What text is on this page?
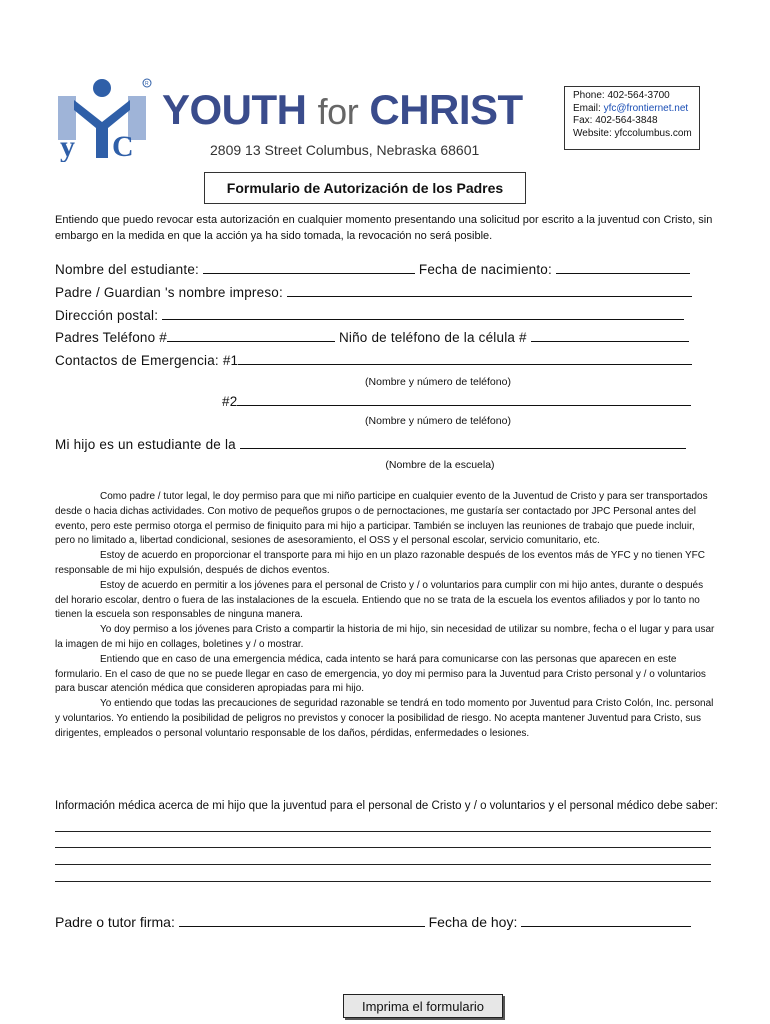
y C
R
YOUTH for CHRIST
2809 13 Street Columbus, Nebraska 68601
Phone: 402-564-3700
Email: yfc@frontiernet.net
Fax: 402-564-3848
Website: yfccolumbus.com
Formulario de Autorización de los Padres
Entiendo que puedo revocar esta autorización en cualquier momento presentando una solicitud por escrito a la juventud con Cristo, sin embargo en la medida en que la acción ya ha sido tomada, la revocación no será posible.
Nombre del estudiante:	Fecha de nacimiento:
Padre / Guardian 's nombre impreso:
Dirección postal:
Padres Teléfono #	Niño de teléfono de la célula #
Contactos de Emergencia: #1
(Nombre y número de teléfono)
#2
(Nombre y número de teléfono)
Mi hijo es un estudiante de la
(Nombre de la escuela)

Como padre / tutor legal, le doy permiso para que mi niño participe en cualquier evento de la Juventud de Cristo y para ser transportados desde o hacia dichas actividades. Con motivo de pequeños grupos o de pernoctaciones, me gustaría ser contactado por JPC Personal antes del evento, pero este permiso otorga el permiso de finiquito para mi hijo a participar. También se incluyen las reuniones de trabajo que puede incluir, pero no limitado a, libertad condicional, sesiones de asesoramiento, el OSS y el personal escolar, servicio comunitario, etc.

Estoy de acuerdo en proporcionar el transporte para mi hijo en un plazo razonable después de los eventos más de YFC y no tienen YFC responsable de mi hijo expulsión, después de dichos eventos.

Estoy de acuerdo en permitir a los jóvenes para el personal de Cristo y / o voluntarios para cumplir con mi hijo antes, durante o después del horario escolar, dentro o fuera de las instalaciones de la escuela. Entiendo que no se trata de la escuela los eventos afiliados y por lo tanto no tienen la escuela son responsables de ninguna manera.

Yo doy permiso a los jóvenes para Cristo a compartir la historia de mi hijo, sin necesidad de utilizar su nombre, fecha o el lugar y para usar la imagen de mi hijo en collages, boletines y / o mostrar.

Entiendo que en caso de una emergencia médica, cada intento se hará para comunicarse con las personas que aparecen en este formulario. En el caso de que no se puede llegar en caso de emergencia, yo doy mi permiso para la Juventud para Cristo personal y / o voluntarios para buscar atención médica que consideren apropiadas para mi hijo.

Yo entiendo que todas las precauciones de seguridad razonable se tendrá en todo momento por Juventud para Cristo Colón, Inc. personal y voluntarios. Yo entiendo la posibilidad de peligros no previstos y conocer la posibilidad de riesgo. No acepta mantener Juventud para Cristo, sus dirigentes, empleados o personal voluntario responsable de los daños, pérdidas, enfermedades o lesiones.

Información médica acerca de mi hijo que la juventud para el personal de Cristo y / o voluntarios y el personal médico debe saber:
Padre o tutor firma:	Fecha de hoy:
Imprima el formulario
